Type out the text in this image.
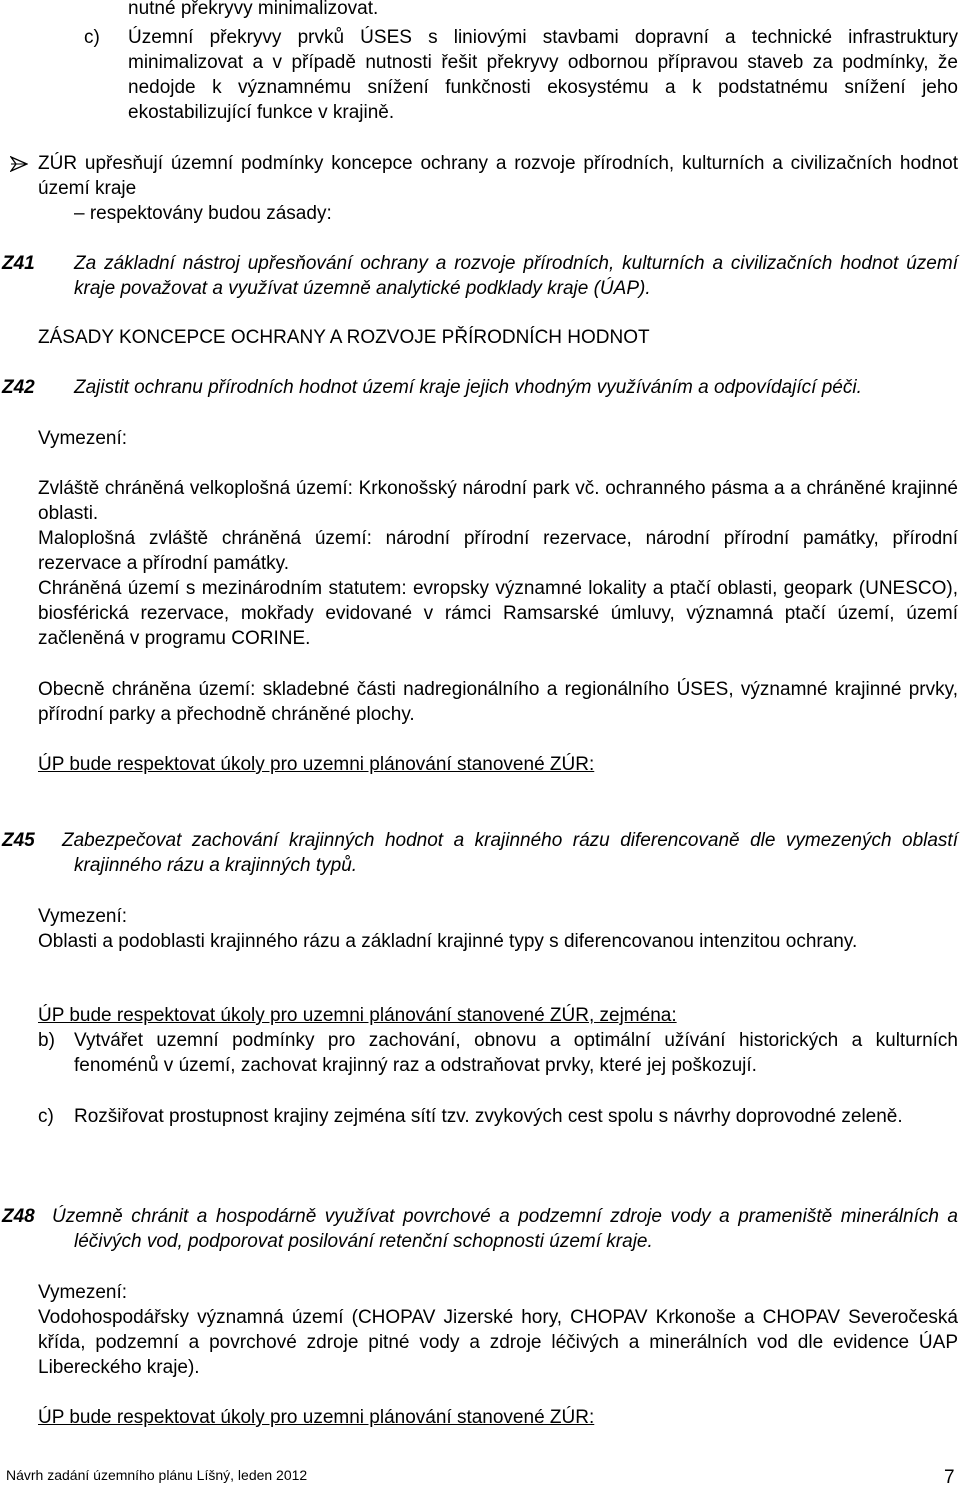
nutné překryvy minimalizovat.
c) Územní překryvy prvků ÚSES s liniovými stavbami dopravní a technické infrastruktury minimalizovat a v případě nutnosti řešit překryvy odbornou přípravou staveb za podmínky, že nedojde k významnému snížení funkčnosti ekosystému a k podstatnému snížení jeho ekostabilizující funkce v krajině.
ZÚR upřesňují územní podmínky koncepce ochrany a rozvoje přírodních, kulturních a civilizačních hodnot území kraje
– respektovány budou zásady:
Z41 Za základní nástroj upřesňování ochrany a rozvoje přírodních, kulturních a civilizačních hodnot území kraje považovat a využívat územně analytické podklady kraje (ÚAP).
ZÁSADY KONCEPCE OCHRANY A ROZVOJE PŘÍRODNÍCH HODNOT
Z42 Zajistit ochranu přírodních hodnot území kraje jejich vhodným využíváním a odpovídající péči.
Vymezení:
Zvláště chráněná velkoplošná území: Krkonošský národní park vč. ochranného pásma a a chráněné krajinné oblasti.
Maloplošná zvláště chráněná území: národní přírodní rezervace, národní přírodní památky, přírodní rezervace a přírodní památky.
Chráněná území s mezinárodním statutem: evropsky významné lokality a ptačí oblasti, geopark (UNESCO), biosférická rezervace, mokřady evidované v rámci Ramsarské úmluvy, významná ptačí území, území začleněná v programu CORINE.
Obecně chráněna území: skladebné části nadregionálního a regionálního ÚSES, významné krajinné prvky, přírodní parky a přechodně chráněné plochy.
ÚP bude respektovat úkoly pro uzemni plánování stanovené ZÚR:
Z45 Zabezpečovat zachování krajinných hodnot a krajinného rázu diferencovaně dle vymezených oblastí krajinného rázu a krajinných typů.
Vymezení:
Oblasti a podoblasti krajinného rázu a základní krajinné typy s diferencovanou intenzitou ochrany.
ÚP bude respektovat úkoly pro uzemni plánování stanovené ZÚR, zejména:
b) Vytvářet uzemní podmínky pro zachování, obnovu a optimální užívání historických a kulturních fenoménů v území, zachovat krajinný raz a odstraňovat prvky, které jej poškozují.
c) Rozšiřovat prostupnost krajiny zejména sítí tzv. zvykových cest spolu s návrhy doprovodné zeleně.
Z48 Územně chránit a hospodárně využívat povrchové a podzemní zdroje vody a prameniště minerálních a léčivých vod, podporovat posilování retenční schopnosti území kraje.
Vymezení:
Vodohospodářsky významná území (CHOPAV Jizerské hory, CHOPAV Krkonoše a CHOPAV Severočeská křída, podzemní a povrchové zdroje pitné vody a zdroje léčivých a minerálních vod dle evidence ÚAP Libereckého kraje).
ÚP bude respektovat úkoly pro uzemni plánování stanovené ZÚR:
Návrh zadání územního plánu Líšný, leden 2012	7
